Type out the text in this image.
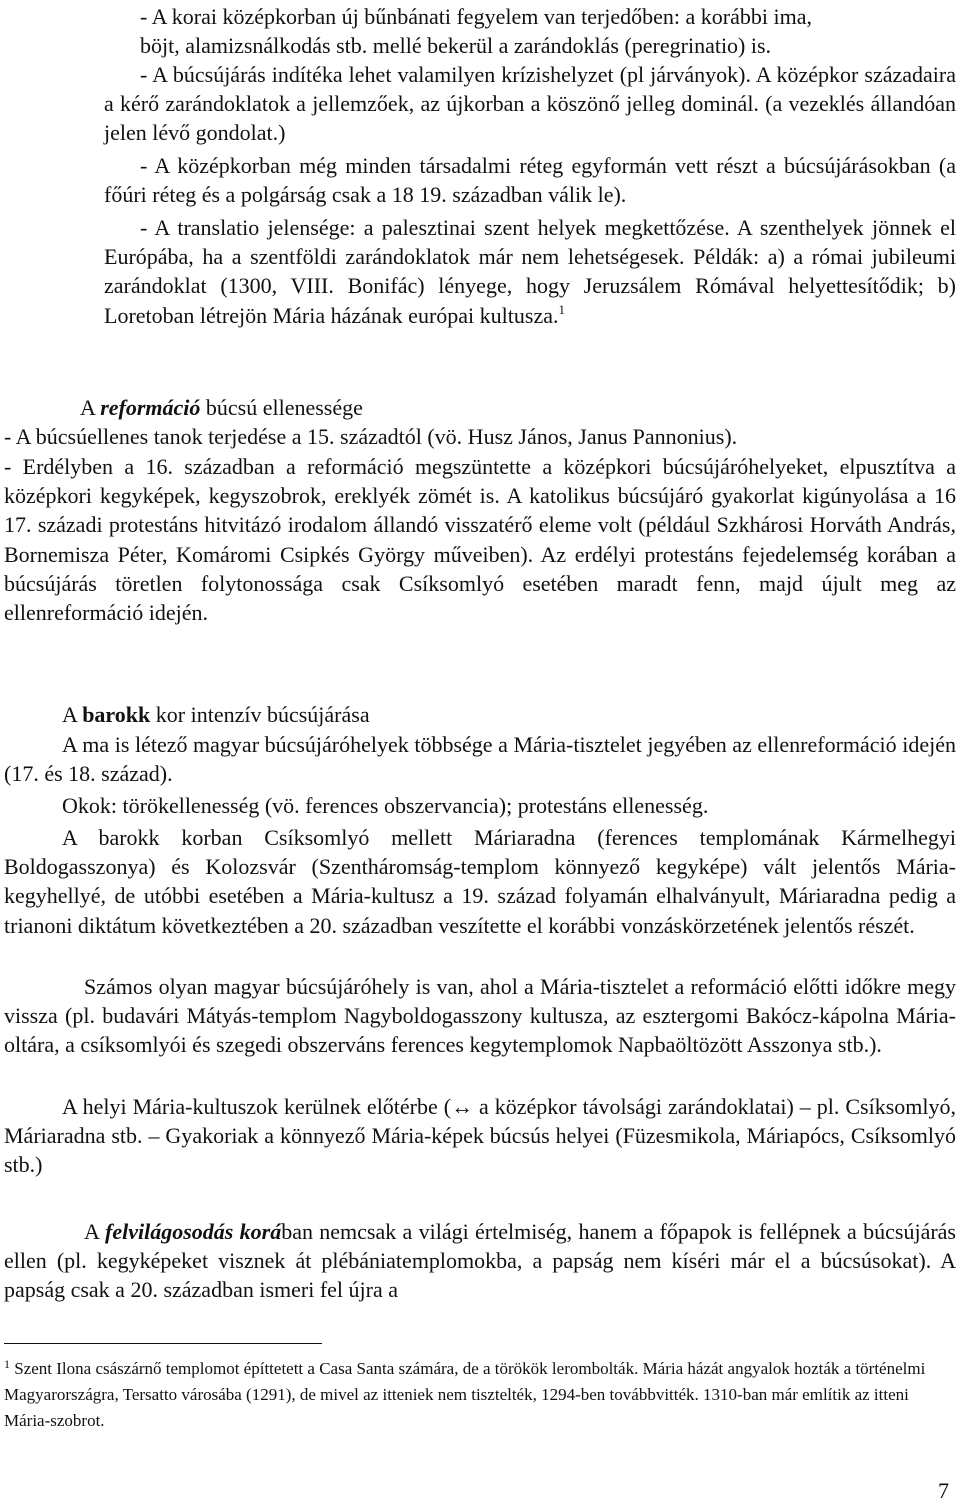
- A korai középkorban új bűnbánati fegyelem van terjedőben: a korábbi ima,

böjt, alamizsnálkodás stb. mellé bekerül a zarándoklás (peregrinatio) is.

- A búcsújárás indítéka lehet valamilyen krízishelyzet (pl járványok). A középkor századaira a kérő zarándoklatok a jellemzőek, az újkorban a köszönő jelleg dominál. (a vezeklés állandóan jelen lévő gondolat.)

- A középkorban még minden társadalmi réteg egyformán vett részt a búcsújárásokban (a főúri réteg és a polgárság csak a 18 19. században válik le).

- A translatio jelensége: a palesztinai szent helyek megkettőzése. A szenthelyek jönnek el Európába, ha a szentföldi zarándoklatok már nem lehetségesek. Példák: a) a római jubileumi zarándoklat (1300, VIII. Bonifác) lényege, hogy Jeruzsálem Rómával helyettesítődik; b) Loretoban létrejön Mária házának európai kultusza.$^1$

A reformáció búcsú ellenessége

- A búcsúellenes tanok terjedése a 15. századtól (vö. Husz János, Janus Pannonius).

- Erdélyben a 16. században a reformáció megszüntette a középkori búcsújáróhelyeket, elpusztítva a középkori kegyképek, kegyszobrok, ereklyék zömét is. A katolikus búcsújáró gyakorlat kigúnyolása a 16 17. századi protestáns hitvitázó irodalom állandó visszatérő eleme volt (például Szkhárosi Horváth András, Bornemisza Péter, Komáromi Csipkés György műveiben). Az erdélyi protestáns fejedelemség korában a búcsújárás töretlen folytonossága csak Csíksomlyó esetében maradt fenn, majd újult meg az ellenreformáció idején.

A barokk kor intenzív búcsújárása

A ma is létező magyar búcsújáróhelyek többsége a Mária-tisztelet jegyében az ellenreformáció idején (17. és 18. század).

Okok: törökellenesség (vö. ferences obszervancia); protestáns ellenesség.

A barokk korban Csíksomlyó mellett Máriaradna (ferences templomának Kármelhegyi Boldogasszonya) és Kolozsvár (Szentháromság-templom könnyező kegyképe) vált jelentős Mária-kegyhellyé, de utóbbi esetében a Mária-kultusz a 19. század folyamán elhalványult, Máriaradna pedig a trianoni diktátum következtében a 20. században veszítette el korábbi vonzáskörzetének jelentős részét.

Számos olyan magyar búcsújáróhely is van, ahol a Mária-tisztelet a reformáció előtti időkre megy vissza (pl. budavári Mátyás-templom Nagyboldogasszony kultusza, az esztergomi Bakócz-kápolna Mária-oltára, a csíksomlyói és szegedi obszerváns ferences kegytemplomok Napbaöltözött Asszonya stb.).

A helyi Mária-kultuszok kerülnek előtérbe (↔ a középkor távolsági zarándoklatai) – pl. Csíksomlyó, Máriaradna stb. – Gyakoriak a könnyező Mária-képek búcsús helyei (Füzesmikola, Máriapócs, Csíksomlyó stb.)

A felvilágosodás korában nemcsak a világi értelmiség, hanem a főpapok is fellépnek a búcsújárás ellen (pl. kegyképeket visznek át plébániatemplomokba, a papság nem kíséri már el a búcsúsokat). A papság csak a 20. században ismeri fel újra a

$^1$ Szent Ilona császárnő templomot építtetett a Casa Santa számára, de a törökök lerombolták. Mária házát angyalok hozták a történelmi Magyarországra, Tersatto városába (1291), de mivel az itteniek nem tisztelték, 1294-ben továbbvitték. 1310-ban már említik az itteni Mária-szobrot.

7
